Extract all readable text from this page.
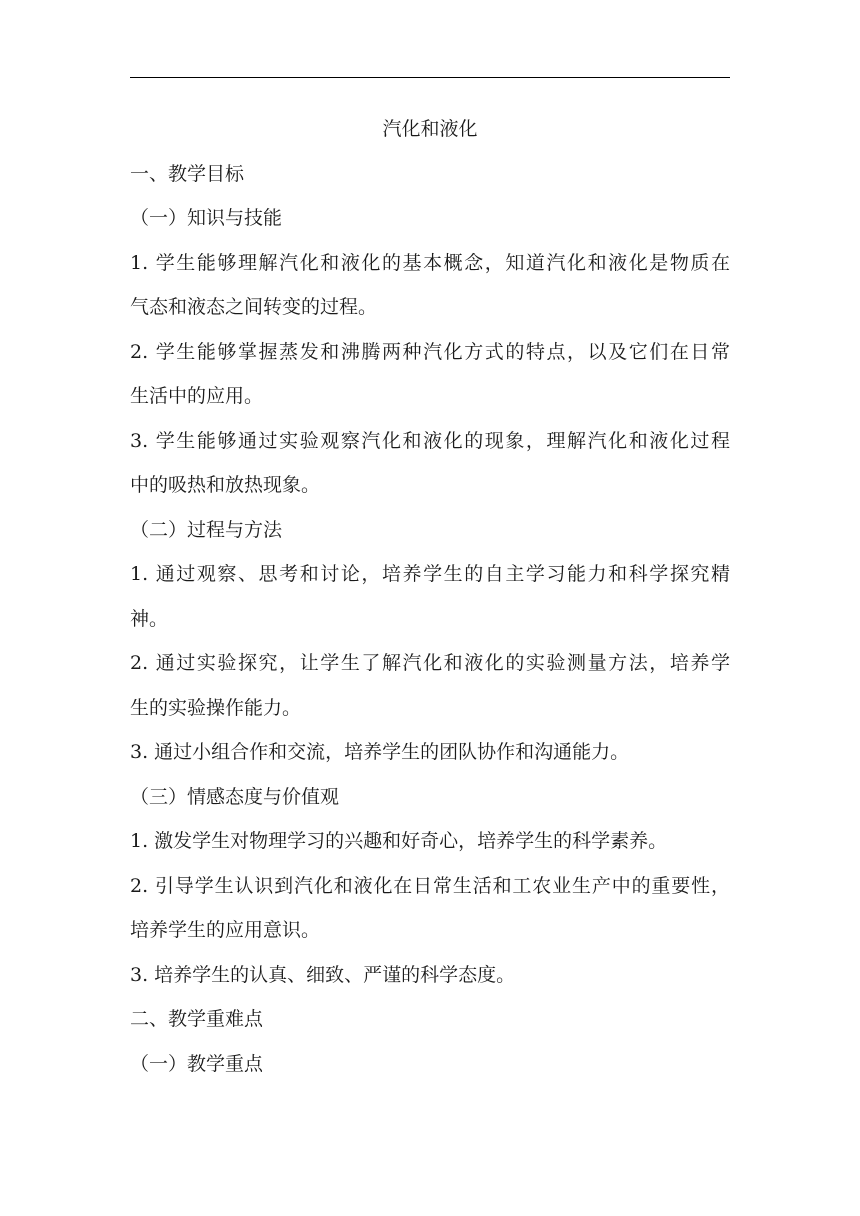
汽化和液化
一、教学目标
（一）知识与技能
1. 学生能够理解汽化和液化的基本概念，知道汽化和液化是物质在
气态和液态之间转变的过程。
2. 学生能够掌握蒸发和沸腾两种汽化方式的特点，以及它们在日常
生活中的应用。
3. 学生能够通过实验观察汽化和液化的现象，理解汽化和液化过程
中的吸热和放热现象。
（二）过程与方法
1. 通过观察、思考和讨论，培养学生的自主学习能力和科学探究精
神。
2. 通过实验探究，让学生了解汽化和液化的实验测量方法，培养学
生的实验操作能力。
3. 通过小组合作和交流，培养学生的团队协作和沟通能力。
（三）情感态度与价值观
1. 激发学生对物理学习的兴趣和好奇心，培养学生的科学素养。
2. 引导学生认识到汽化和液化在日常生活和工农业生产中的重要性，
培养学生的应用意识。
3. 培养学生的认真、细致、严谨的科学态度。
二、教学重难点
（一）教学重点
